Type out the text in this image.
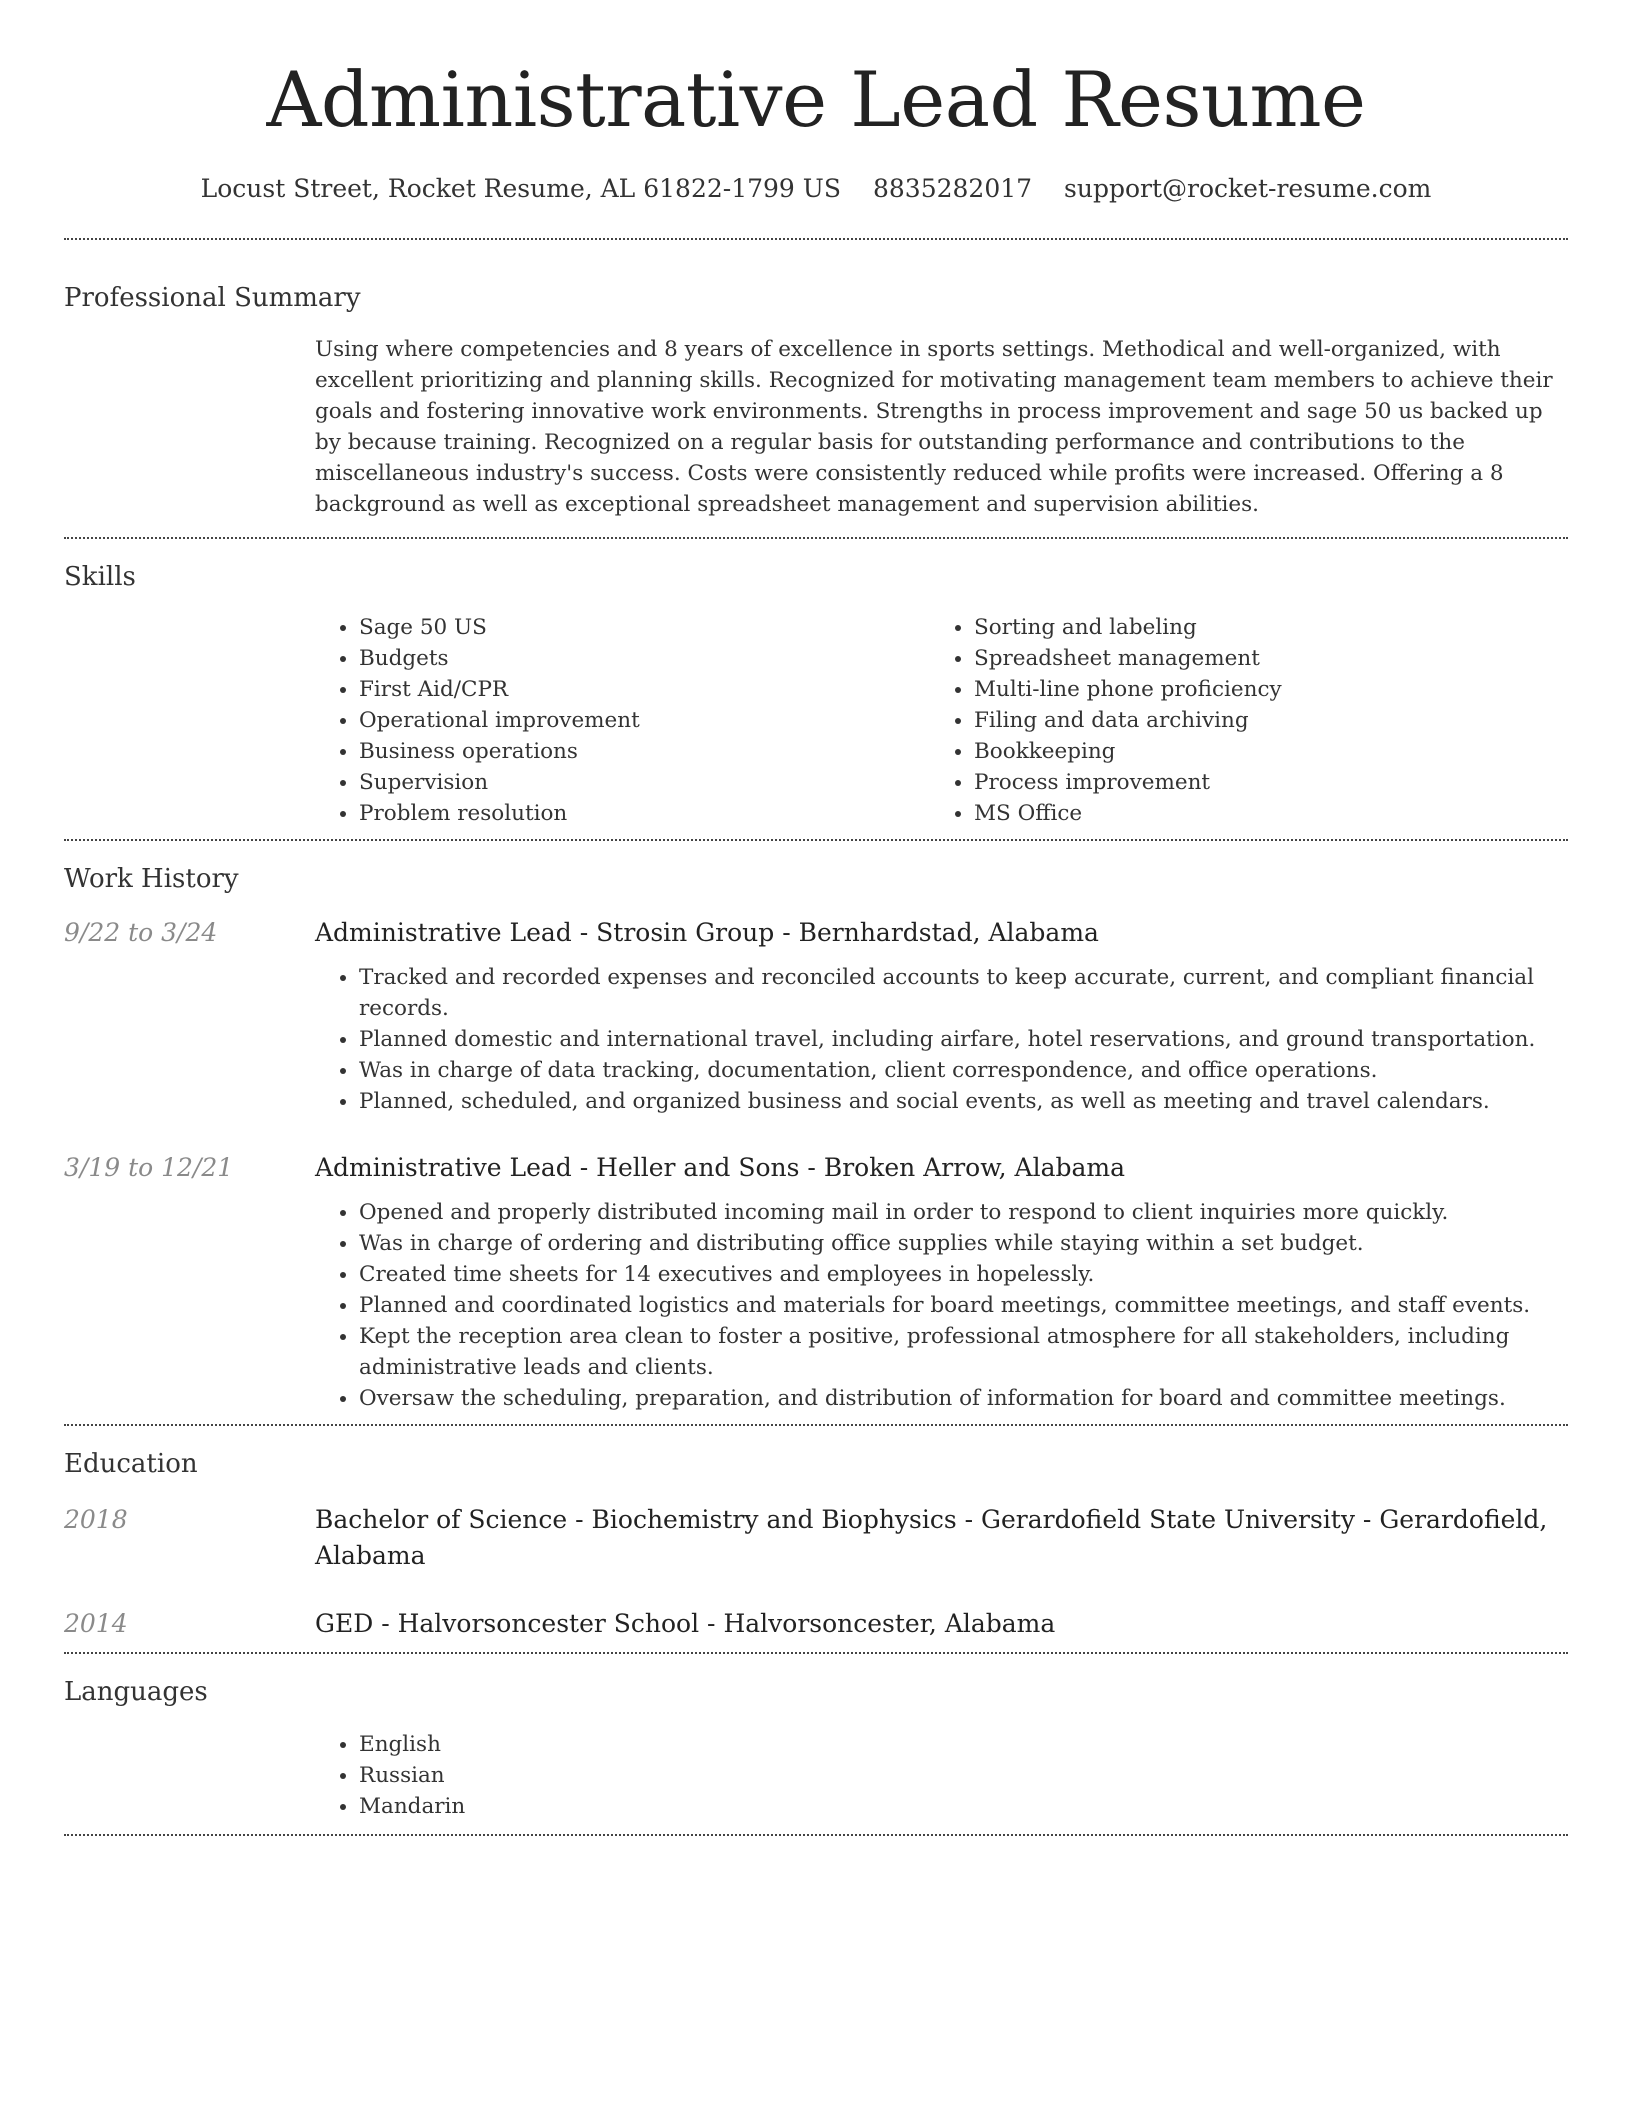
Administrative Lead Resume
Locust Street, Rocket Resume, AL 61822-1799 US 8835282017 support@rocket-resume.com
Professional Summary

Using where competencies and 8 years of excellence in sports settings. Methodical and well-organized, with excellent prioritizing and planning skills. Recognized for motivating management team members to achieve their goals and fostering innovative work environments. Strengths in process improvement and sage 50 us backed up by because training. Recognized on a regular basis for outstanding performance and contributions to the miscellaneous industry's success. Costs were consistently reduced while profits were increased. Offering a 8 background as well as exceptional spreadsheet management and supervision abilities.

Skills
• Sage 50 US
• Budgets
• First Aid/CPR
• Operational improvement
• Business operations
• Supervision
• Problem resolution
• Sorting and labeling
• Spreadsheet management
• Multi-line phone proficiency
• Filing and data archiving
• Bookkeeping
• Process improvement
• MS Office
Work History
9/22 to 3/24	Administrative Lead - Strosin Group - Bernhardstad, Alabama
• Tracked and recorded expenses and reconciled accounts to keep accurate, current, and compliant financial records.
• Planned domestic and international travel, including airfare, hotel reservations, and ground transportation.
• Was in charge of data tracking, documentation, client correspondence, and office operations.
• Planned, scheduled, and organized business and social events, as well as meeting and travel calendars.
3/19 to 12/21	Administrative Lead - Heller and Sons - Broken Arrow, Alabama
• Opened and properly distributed incoming mail in order to respond to client inquiries more quickly.
• Was in charge of ordering and distributing office supplies while staying within a set budget.
• Created time sheets for 14 executives and employees in hopelessly.
• Planned and coordinated logistics and materials for board meetings, committee meetings, and staff events.
• Kept the reception area clean to foster a positive, professional atmosphere for all stakeholders, including administrative leads and clients.
• Oversaw the scheduling, preparation, and distribution of information for board and committee meetings.
Education
2018	Bachelor of Science - Biochemistry and Biophysics - Gerardofield State University - Gerardofield, Alabama
2014	GED - Halvorsoncester School - Halvorsoncester, Alabama
Languages
• English
• Russian
• Mandarin
